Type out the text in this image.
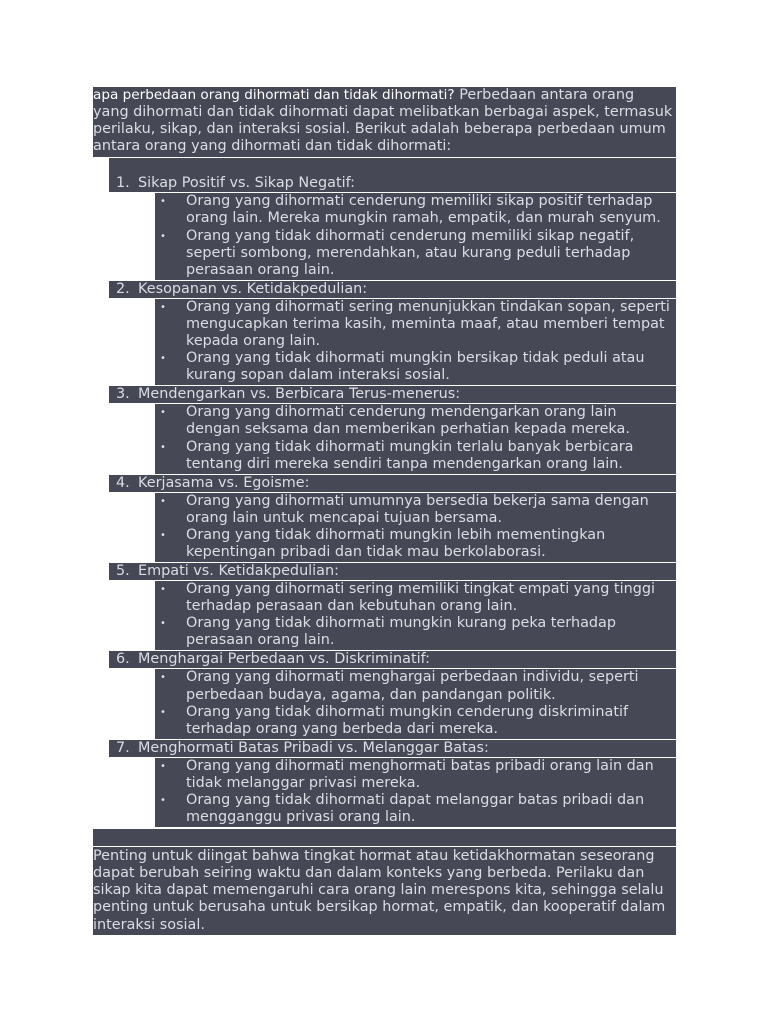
apa perbedaan orang dihormati dan tidak dihormati? Perbedaan antara orang yang dihormati dan tidak dihormati dapat melibatkan berbagai aspek, termasuk perilaku, sikap, dan interaksi sosial. Berikut adalah beberapa perbedaan umum antara orang yang dihormati dan tidak dihormati:
1. Sikap Positif vs. Sikap Negatif:
• Orang yang dihormati cenderung memiliki sikap positif terhadap orang lain. Mereka mungkin ramah, empatik, dan murah senyum.
• Orang yang tidak dihormati cenderung memiliki sikap negatif, seperti sombong, merendahkan, atau kurang peduli terhadap perasaan orang lain.
2. Kesopanan vs. Ketidakpedulian:
• Orang yang dihormati sering menunjukkan tindakan sopan, seperti mengucapkan terima kasih, meminta maaf, atau memberi tempat kepada orang lain.
• Orang yang tidak dihormati mungkin bersikap tidak peduli atau kurang sopan dalam interaksi sosial.
3. Mendengarkan vs. Berbicara Terus-menerus:
• Orang yang dihormati cenderung mendengarkan orang lain dengan seksama dan memberikan perhatian kepada mereka.
• Orang yang tidak dihormati mungkin terlalu banyak berbicara tentang diri mereka sendiri tanpa mendengarkan orang lain.
4. Kerjasama vs. Egoisme:
• Orang yang dihormati umumnya bersedia bekerja sama dengan orang lain untuk mencapai tujuan bersama.
• Orang yang tidak dihormati mungkin lebih mementingkan kepentingan pribadi dan tidak mau berkolaborasi.
5. Empati vs. Ketidakpedulian:
• Orang yang dihormati sering memiliki tingkat empati yang tinggi terhadap perasaan dan kebutuhan orang lain.
• Orang yang tidak dihormati mungkin kurang peka terhadap perasaan orang lain.
6. Menghargai Perbedaan vs. Diskriminatif:
• Orang yang dihormati menghargai perbedaan individu, seperti perbedaan budaya, agama, dan pandangan politik.
• Orang yang tidak dihormati mungkin cenderung diskriminatif terhadap orang yang berbeda dari mereka.
7. Menghormati Batas Pribadi vs. Melanggar Batas:
• Orang yang dihormati menghormati batas pribadi orang lain dan tidak melanggar privasi mereka.
• Orang yang tidak dihormati dapat melanggar batas pribadi dan mengganggu privasi orang lain.
Penting untuk diingat bahwa tingkat hormat atau ketidakhormatan seseorang dapat berubah seiring waktu dan dalam konteks yang berbeda. Perilaku dan sikap kita dapat memengaruhi cara orang lain merespons kita, sehingga selalu penting untuk berusaha untuk bersikap hormat, empatik, dan kooperatif dalam interaksi sosial.
